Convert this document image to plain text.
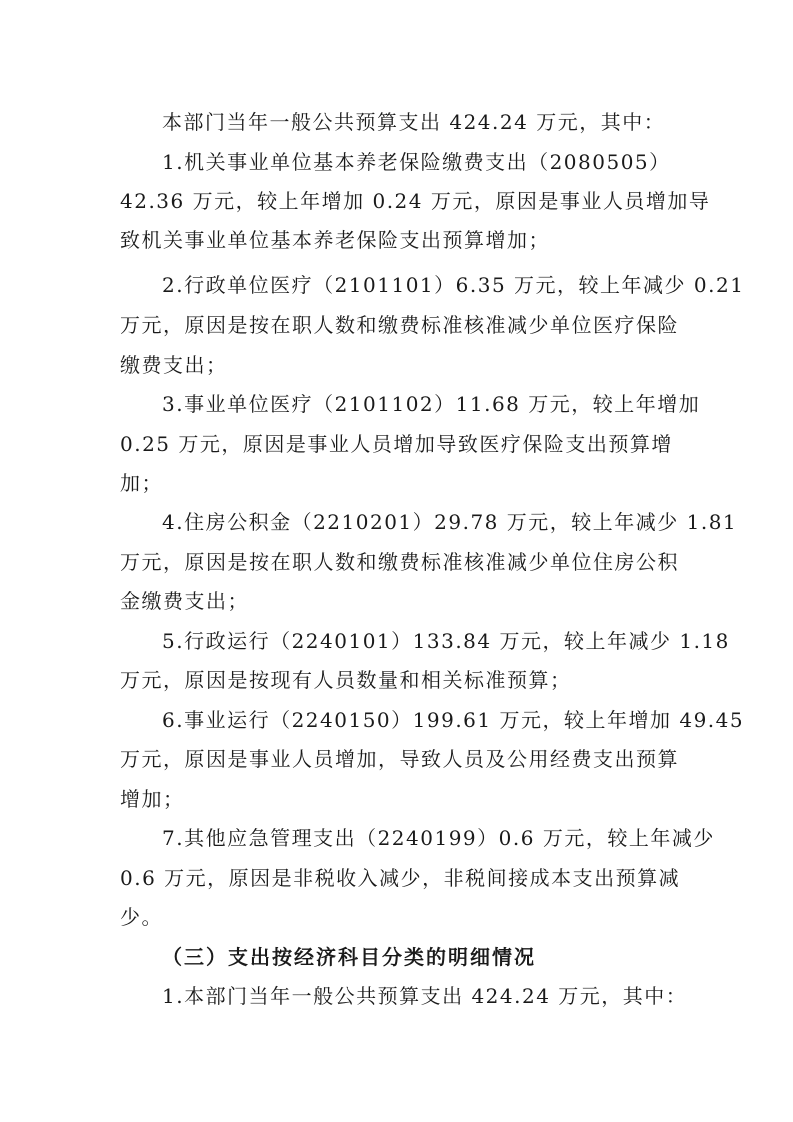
本部门当年一般公共预算支出 424.24 万元，其中：
1.机关事业单位基本养老保险缴费支出（2080505）
42.36 万元，较上年增加 0.24 万元，原因是事业人员增加导
致机关事业单位基本养老保险支出预算增加；
2.行政单位医疗（2101101）6.35 万元，较上年减少 0.21
万元，原因是按在职人数和缴费标准核准减少单位医疗保险
缴费支出；
3.事业单位医疗（2101102）11.68 万元，较上年增加
0.25 万元，原因是事业人员增加导致医疗保险支出预算增
加；
4.住房公积金（2210201）29.78 万元，较上年减少 1.81
万元，原因是按在职人数和缴费标准核准减少单位住房公积
金缴费支出；
5.行政运行（2240101）133.84 万元，较上年减少 1.18
万元，原因是按现有人员数量和相关标准预算；
6.事业运行（2240150）199.61 万元，较上年增加 49.45
万元，原因是事业人员增加，导致人员及公用经费支出预算
增加；
7.其他应急管理支出（2240199）0.6 万元，较上年减少
0.6 万元，原因是非税收入减少，非税间接成本支出预算减
少。
（三）支出按经济科目分类的明细情况
1.本部门当年一般公共预算支出 424.24 万元，其中：
